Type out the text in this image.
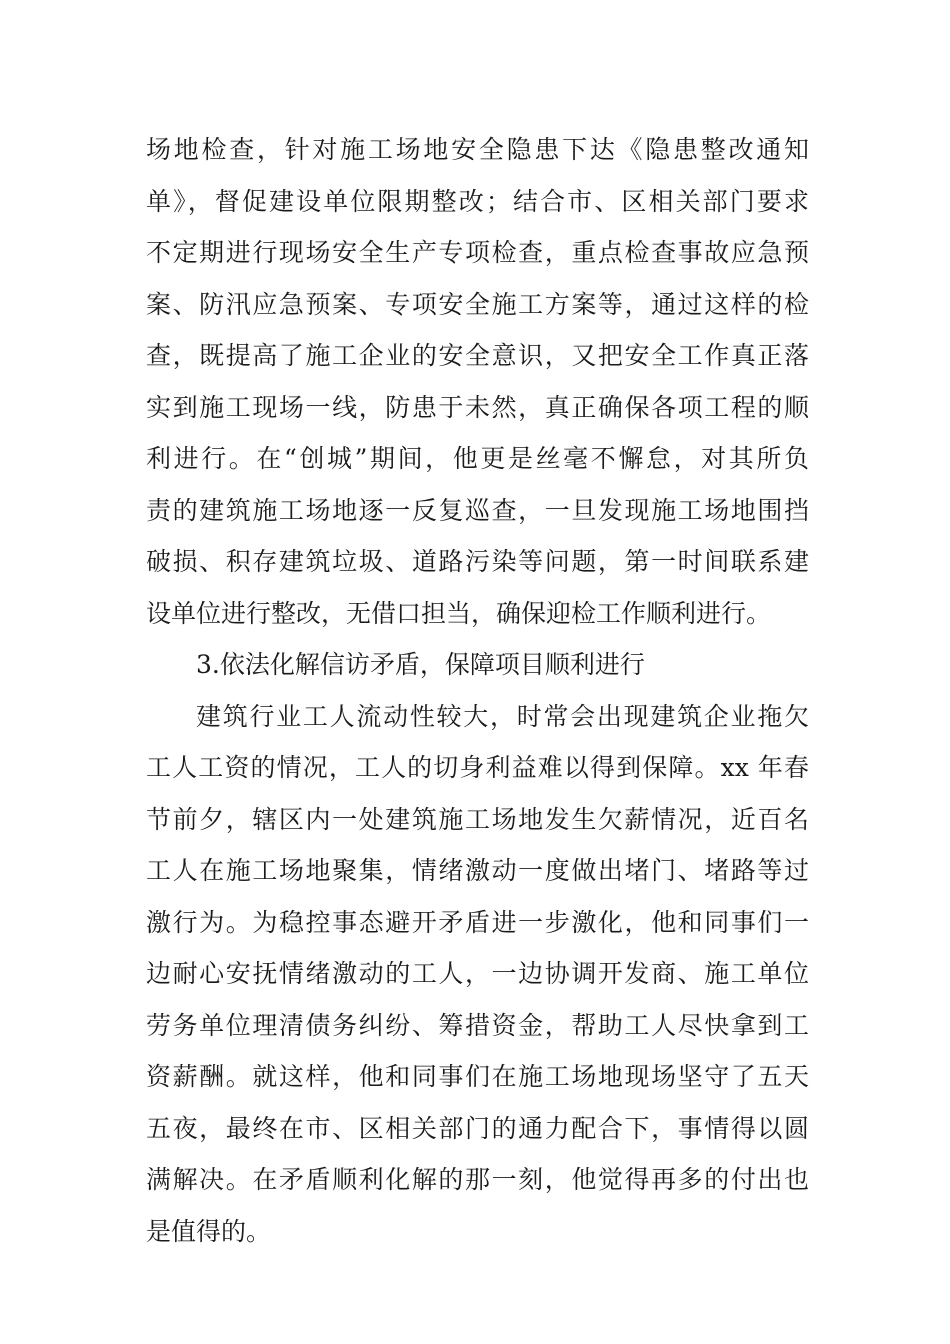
场地检查，针对施工场地安全隐患下达《隐患整改通知
单》，督促建设单位限期整改；结合市、区相关部门要求
不定期进行现场安全生产专项检查，重点检查事故应急预
案、防汛应急预案、专项安全施工方案等，通过这样的检
查，既提高了施工企业的安全意识，又把安全工作真正落
实到施工现场一线，防患于未然，真正确保各项工程的顺
利进行。在“创城”期间，他更是丝毫不懈怠，对其所负
责的建筑施工场地逐一反复巡查，一旦发现施工场地围挡
破损、积存建筑垃圾、道路污染等问题，第一时间联系建
设单位进行整改，无借口担当，确保迎检工作顺利进行。
3.依法化解信访矛盾，保障项目顺利进行
建筑行业工人流动性较大，时常会出现建筑企业拖欠
工人工资的情况，工人的切身利益难以得到保障。xx 年春
节前夕，辖区内一处建筑施工场地发生欠薪情况，近百名
工人在施工场地聚集，情绪激动一度做出堵门、堵路等过
激行为。为稳控事态避开矛盾进一步激化，他和同事们一
边耐心安抚情绪激动的工人，一边协调开发商、施工单位
劳务单位理清债务纠纷、筹措资金，帮助工人尽快拿到工
资薪酬。就这样，他和同事们在施工场地现场坚守了五天
五夜，最终在市、区相关部门的通力配合下，事情得以圆
满解决。在矛盾顺利化解的那一刻，他觉得再多的付出也
是值得的。
